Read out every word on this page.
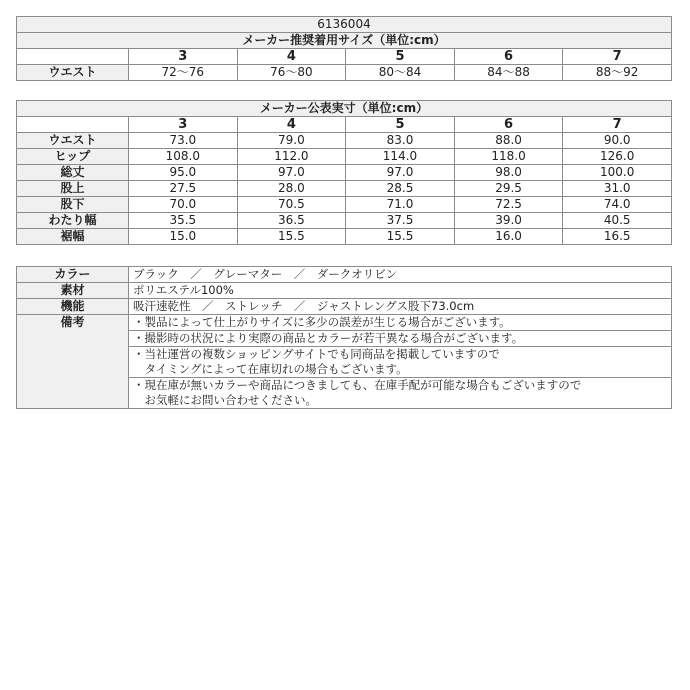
6136004					
メーカー推奨着用サイズ（単位:cm）					
	3	4	5	6	7
ウエスト	72～76	76～80	80～84	84～88	88～92
メーカー公表実寸（単位:cm）					
	3	4	5	6	7
ウエスト	73.0	79.0	83.0	88.0	90.0
ヒップ	108.0	112.0	114.0	118.0	126.0
総丈	95.0	97.0	97.0	98.0	100.0
股上	27.5	28.0	28.5	29.5	31.0
股下	70.0	70.5	71.0	72.5	74.0
わたり幅	35.5	36.5	37.5	39.0	40.5
裾幅	15.0	15.5	15.5	16.0	16.5
カラー	ブラック　／　グレーマター　／　ダークオリビン
素材	ポリエステル100%
機能	吸汗速乾性　／　ストレッチ　／　ジャストレングス股下73.0cm
備考	・製品によって仕上がりサイズに多少の誤差が生じる場合がございます。

	・撮影時の状況により実際の商品とカラーが若干異なる場合がございます。

	・当社運営の複数ショッピングサイトでも同商品を掲載していますので
　タイミングによって在庫切れの場合もございます。

	・現在庫が無いカラーや商品につきましても、在庫手配が可能な場合もございますので
　お気軽にお問い合わせください。
